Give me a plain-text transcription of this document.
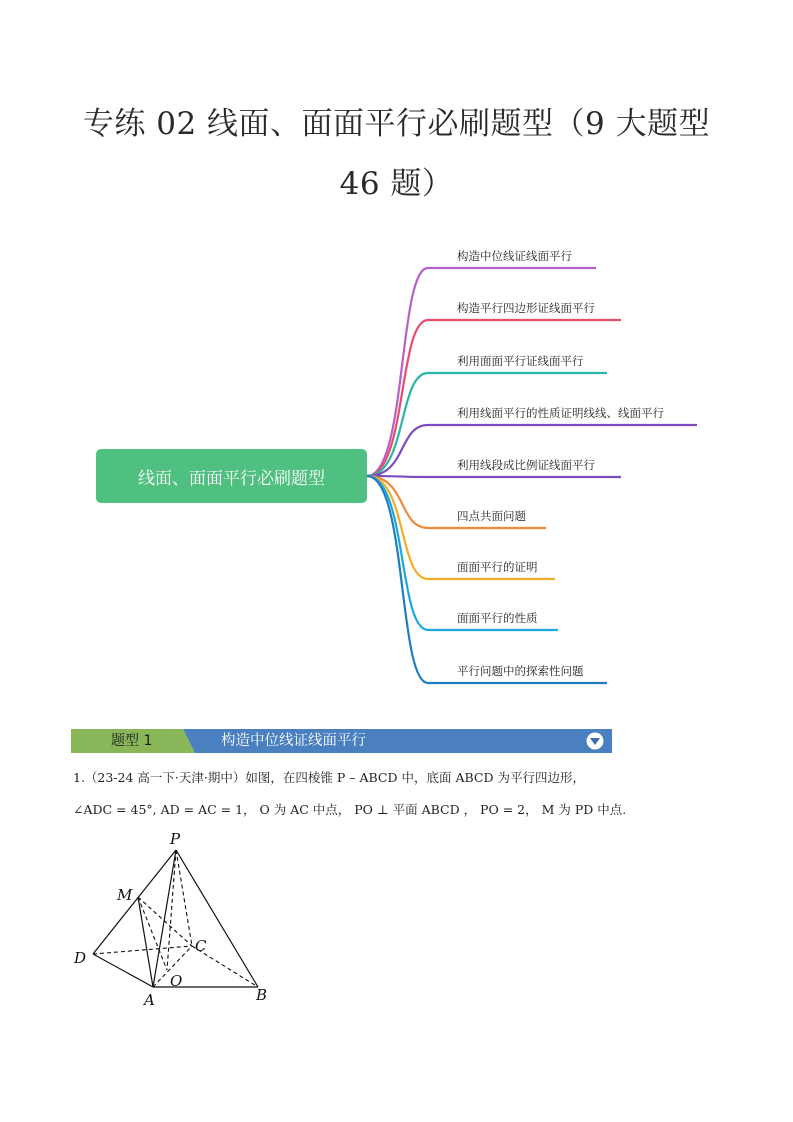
专练 02 线面、面面平行必刷题型（9 大题型 46 题）
线面、面面平行必刷题型
构造中位线证线面平行
构造平行四边形证线面平行
利用面面平行证线面平行
利用线面平行的性质证明线线、线面平行
利用线段成比例证线面平行
四点共面问题
面面平行的证明
面面平行的性质
平行问题中的探索性问题
题型 1	构造中位线证线面平行

1.（23-24 高一下·天津·期中）如图，在四棱锥 P – ABCD 中，底面 ABCD 为平行四边形，

∠ADC = 45°, AD = AC = 1， O 为 AC 中点， PO ⊥ 平面 ABCD ， PO = 2， M 为 PD 中点.

P
M
C
D
O
A	B
